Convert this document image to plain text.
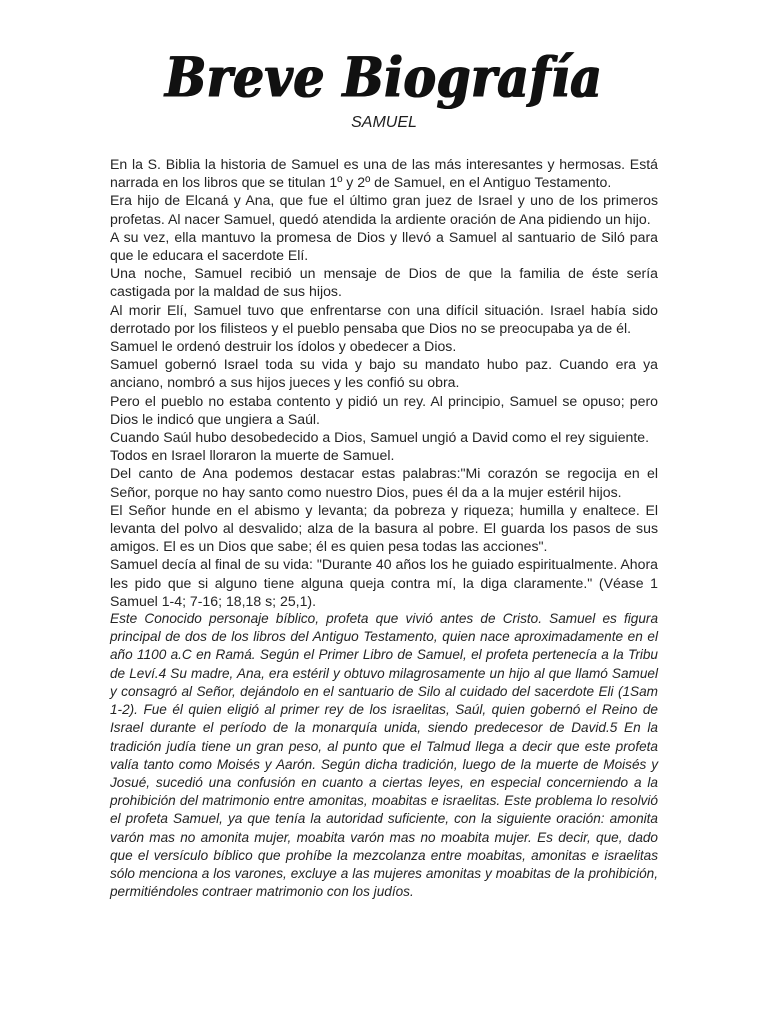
Breve Biografía
SAMUEL

En la S. Biblia la historia de Samuel es una de las más interesantes y hermosas. Está narrada en los libros que se titulan 1º y 2º de Samuel, en el Antiguo Testamento.

Era hijo de Elcaná y Ana, que fue el último gran juez de Israel y uno de los primeros profetas. Al nacer Samuel, quedó atendida la ardiente oración de Ana pidiendo un hijo.

A su vez, ella mantuvo la promesa de Dios y llevó a Samuel al santuario de Siló para que le educara el sacerdote Elí.

Una noche, Samuel recibió un mensaje de Dios de que la familia de éste sería castigada por la maldad de sus hijos.

Al morir Elí, Samuel tuvo que enfrentarse con una difícil situación. Israel había sido derrotado por los filisteos y el pueblo pensaba que Dios no se preocupaba ya de él.

Samuel le ordenó destruir los ídolos y obedecer a Dios.

Samuel gobernó Israel toda su vida y bajo su mandato hubo paz. Cuando era ya anciano, nombró a sus hijos jueces y les confió su obra.

Pero el pueblo no estaba contento y pidió un rey. Al principio, Samuel se opuso; pero Dios le indicó que ungiera a Saúl.

Cuando Saúl hubo desobedecido a Dios, Samuel ungió a David como el rey siguiente.

Todos en Israel lloraron la muerte de Samuel.

Del canto de Ana podemos destacar estas palabras:"Mi corazón se regocija en el Señor, porque no hay santo como nuestro Dios, pues él da a la mujer estéril hijos.

El Señor hunde en el abismo y levanta; da pobreza y riqueza; humilla y enaltece. El levanta del polvo al desvalido; alza de la basura al pobre. El guarda los pasos de sus amigos. El es un Dios que sabe; él es quien pesa todas las acciones".

Samuel decía al final de su vida: "Durante 40 años los he guiado espiritualmente. Ahora les pido que si alguno tiene alguna queja contra mí, la diga claramente." (Véase 1 Samuel 1-4; 7-16; 18,18 s; 25,1).

Este Conocido personaje bíblico, profeta que vivió antes de Cristo. Samuel es figura principal de dos de los libros del Antiguo Testamento, quien nace aproximadamente en el año 1100 a.C en Ramá. Según el Primer Libro de Samuel, el profeta pertenecía a la Tribu de Leví.4 Su madre, Ana, era estéril y obtuvo milagrosamente un hijo al que llamó Samuel y consagró al Señor, dejándolo en el santuario de Silo al cuidado del sacerdote Eli (1Sam 1-2). Fue él quien eligió al primer rey de los israelitas, Saúl, quien gobernó el Reino de Israel durante el período de la monarquía unida, siendo predecesor de David.5 En la tradición judía tiene un gran peso, al punto que el Talmud llega a decir que este profeta valía tanto como Moisés y Aarón. Según dicha tradición, luego de la muerte de Moisés y Josué, sucedió una confusión en cuanto a ciertas leyes, en especial concerniendo a la prohibición del matrimonio entre amonitas, moabitas e israelitas. Este problema lo resolvió el profeta Samuel, ya que tenía la autoridad suficiente, con la siguiente oración: amonita varón mas no amonita mujer, moabita varón mas no moabita mujer. Es decir, que, dado que el versículo bíblico que prohíbe la mezcolanza entre moabitas, amonitas e israelitas sólo menciona a los varones, excluye a las mujeres amonitas y moabitas de la prohibición, permitiéndoles contraer matrimonio con los judíos.
